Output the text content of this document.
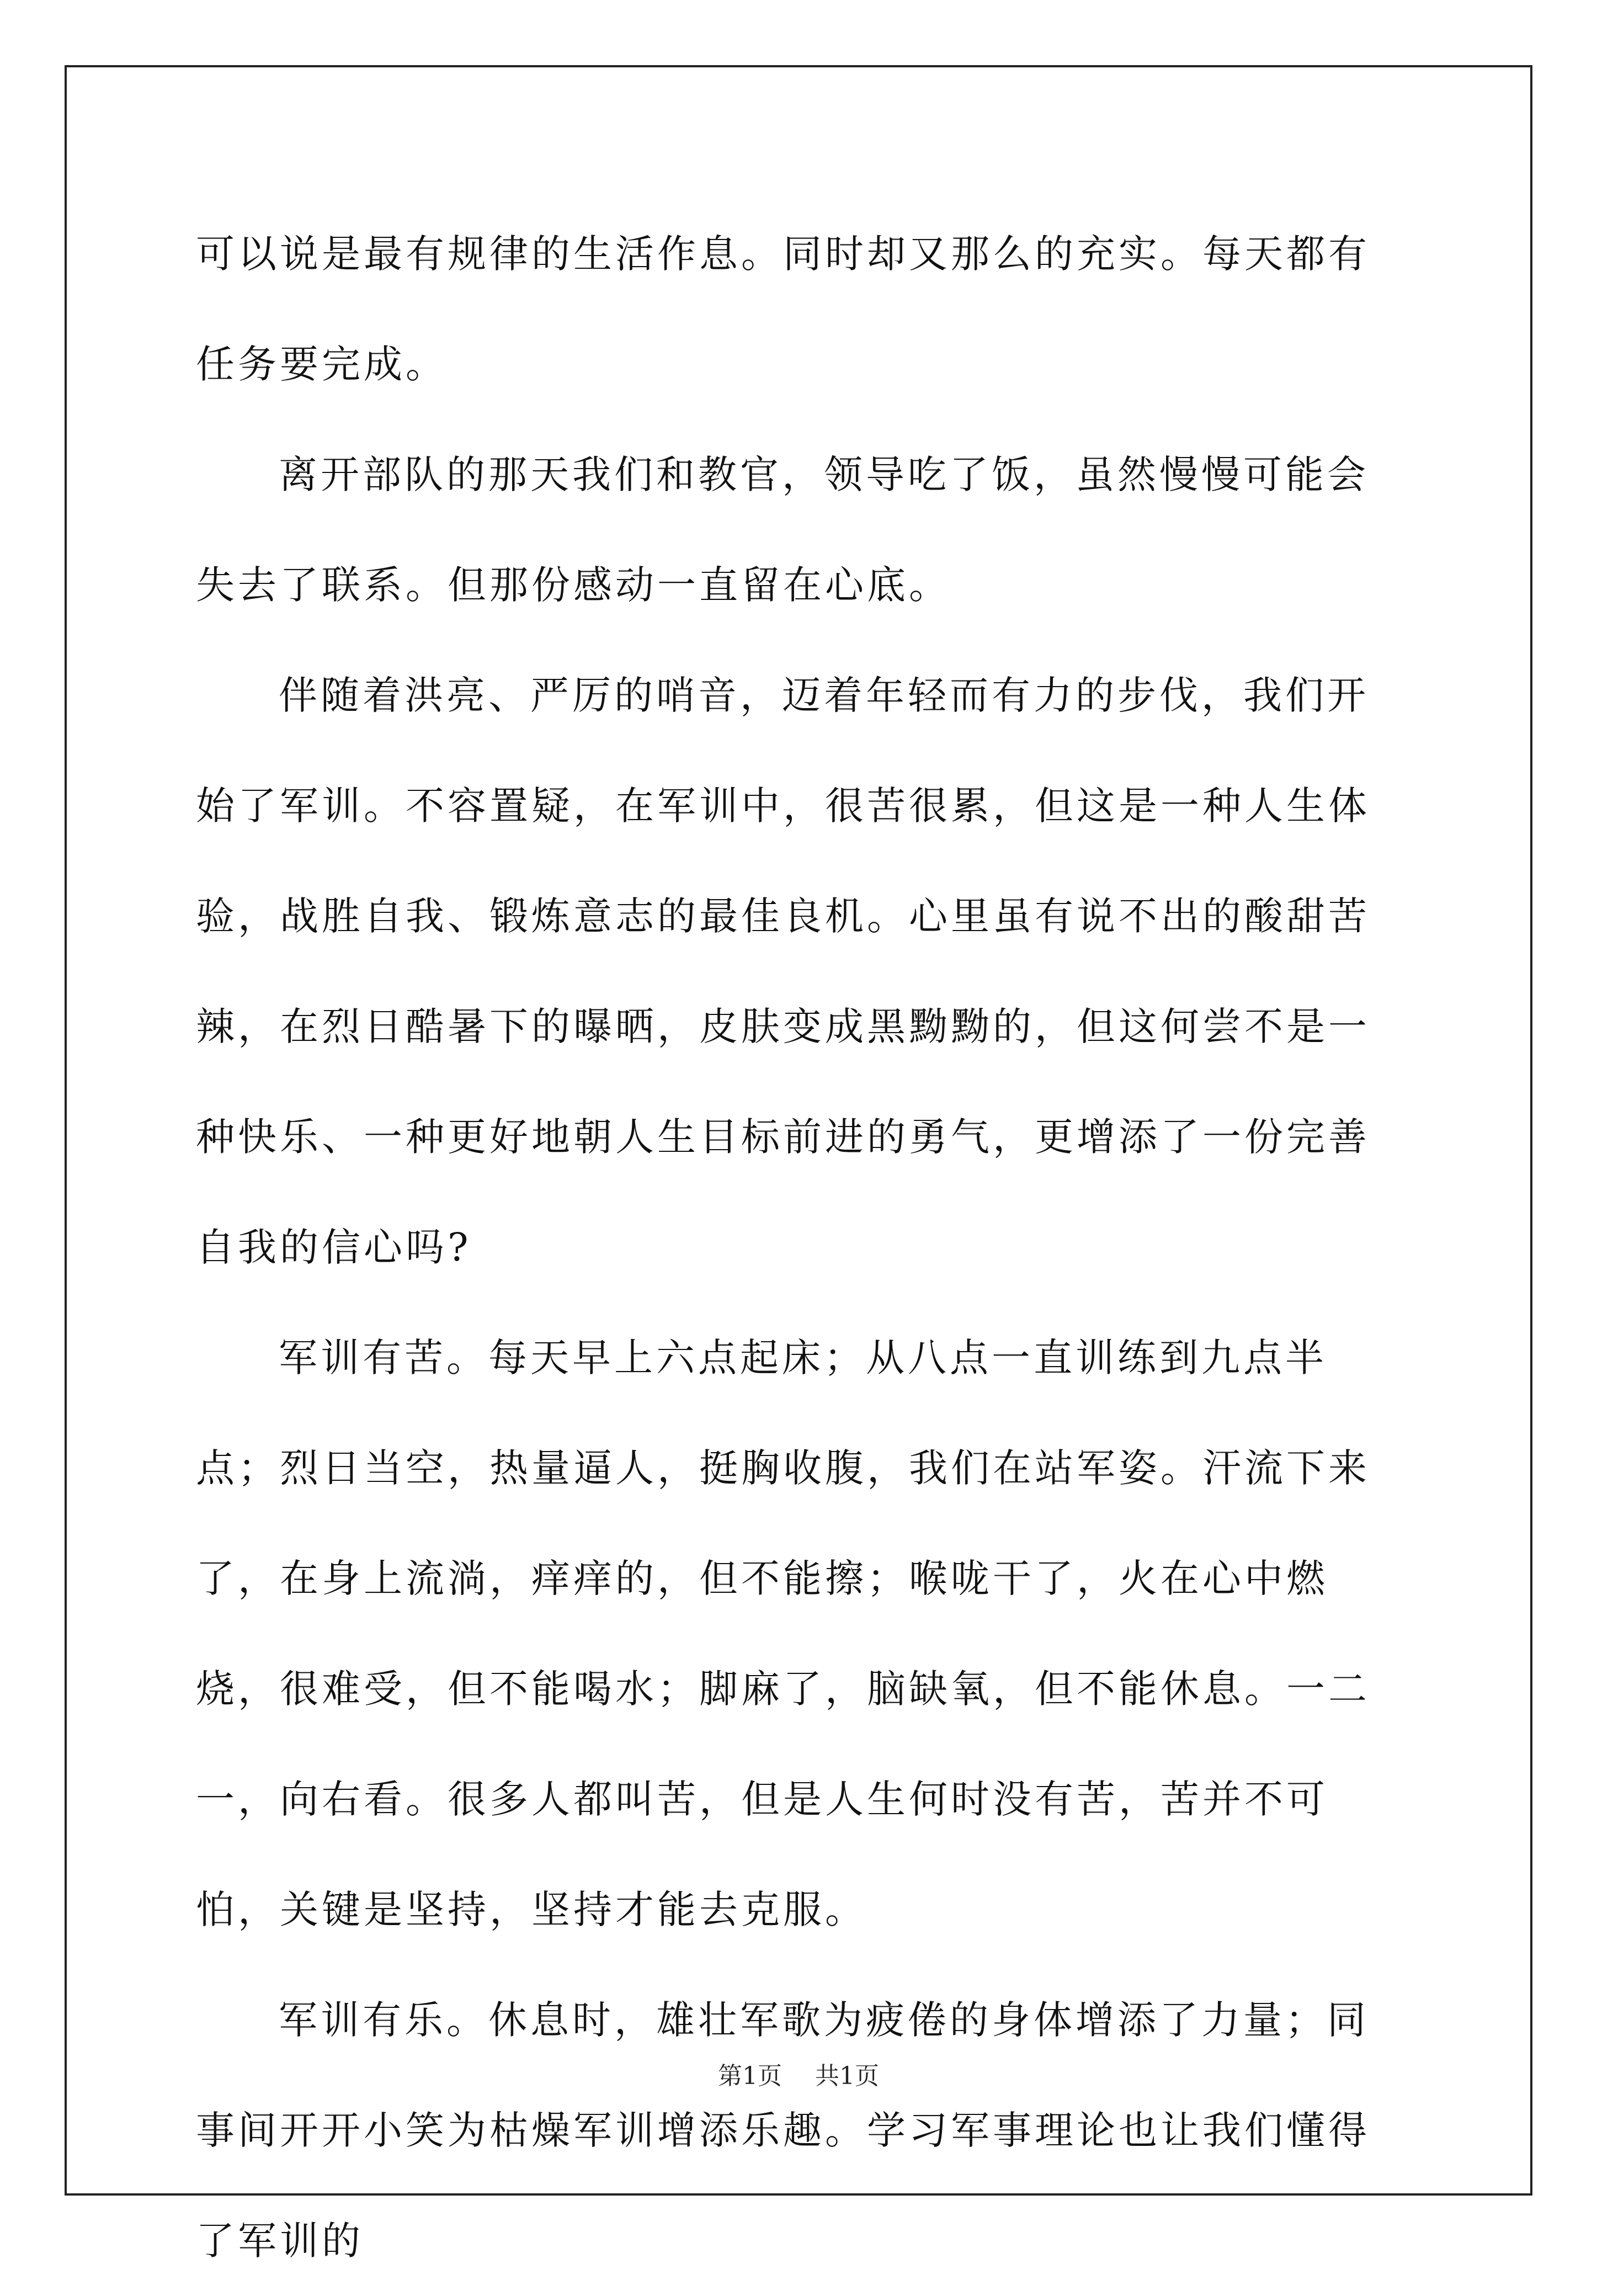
可以说是最有规律的生活作息。同时却又那么的充实。每天都有任务要完成。

离开部队的那天我们和教官，领导吃了饭，虽然慢慢可能会失去了联系。但那份感动一直留在心底。

伴随着洪亮、严厉的哨音，迈着年轻而有力的步伐，我们开始了军训。不容置疑，在军训中，很苦很累，但这是一种人生体验，战胜自我、锻炼意志的最佳良机。心里虽有说不出的酸甜苦辣，在烈日酷暑下的曝晒，皮肤变成黑黝黝的，但这何尝不是一种快乐、一种更好地朝人生目标前进的勇气，更增添了一份完善自我的信心吗?

军训有苦。每天早上六点起床；从八点一直训练到九点半点；烈日当空，热量逼人，挺胸收腹，我们在站军姿。汗流下来了，在身上流淌，痒痒的，但不能擦；喉咙干了，火在心中燃烧，很难受，但不能喝水；脚麻了，脑缺氧，但不能休息。一二一，向右看。很多人都叫苦，但是人生何时没有苦，苦并不可怕，关键是坚持，坚持才能去克服。

军训有乐。休息时，雄壮军歌为疲倦的身体增添了力量；同事间开开小笑为枯燥军训增添乐趣。学习军事理论也让我们懂得了军训的

第1页 共1页
